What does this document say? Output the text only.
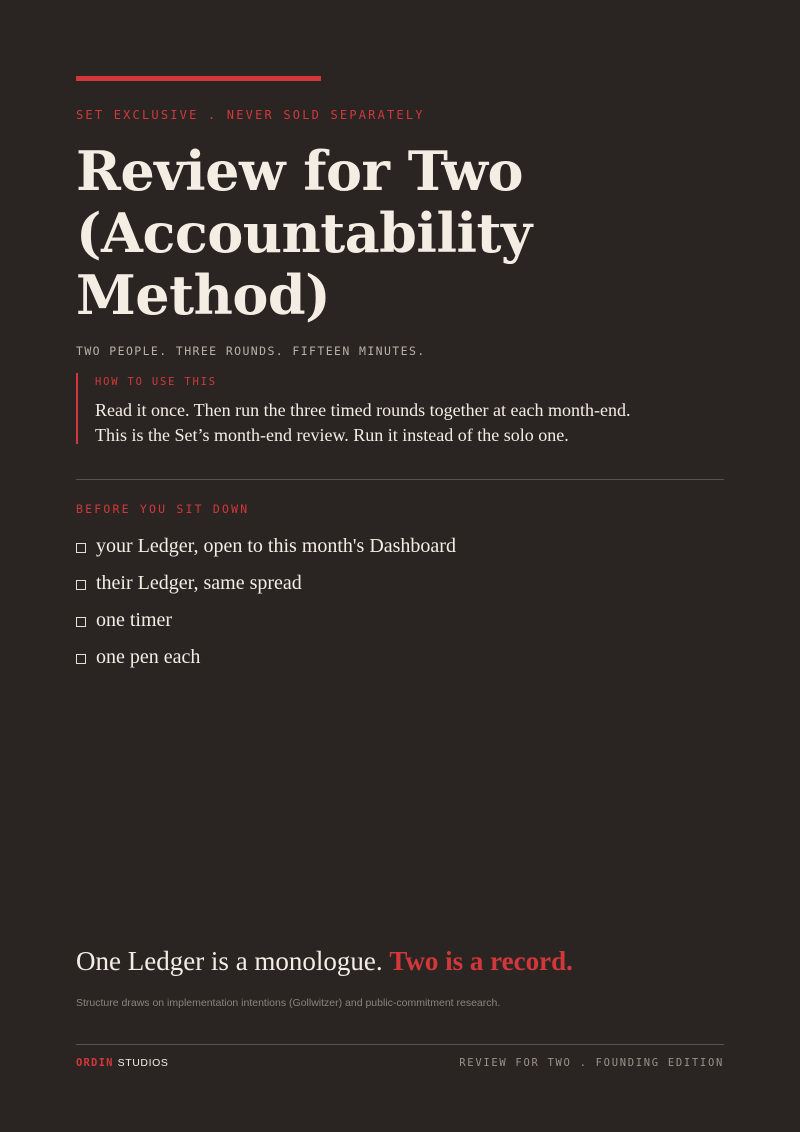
SET EXCLUSIVE . NEVER SOLD SEPARATELY
Review for Two (Accountability Method)
TWO PEOPLE. THREE ROUNDS. FIFTEEN MINUTES.
HOW TO USE THIS

Read it once. Then run the three timed rounds together at each month-end. This is the Set’s month-end review. Run it instead of the solo one.

BEFORE YOU SIT DOWN
your Ledger, open to this month's Dashboard
their Ledger, same spread
one timer
one pen each
One Ledger is a monologue. Two is a record.
Structure draws on implementation intentions (Gollwitzer) and public-commitment research.
ORDIN STUDIOS	REVIEW FOR TWO . FOUNDING EDITION
